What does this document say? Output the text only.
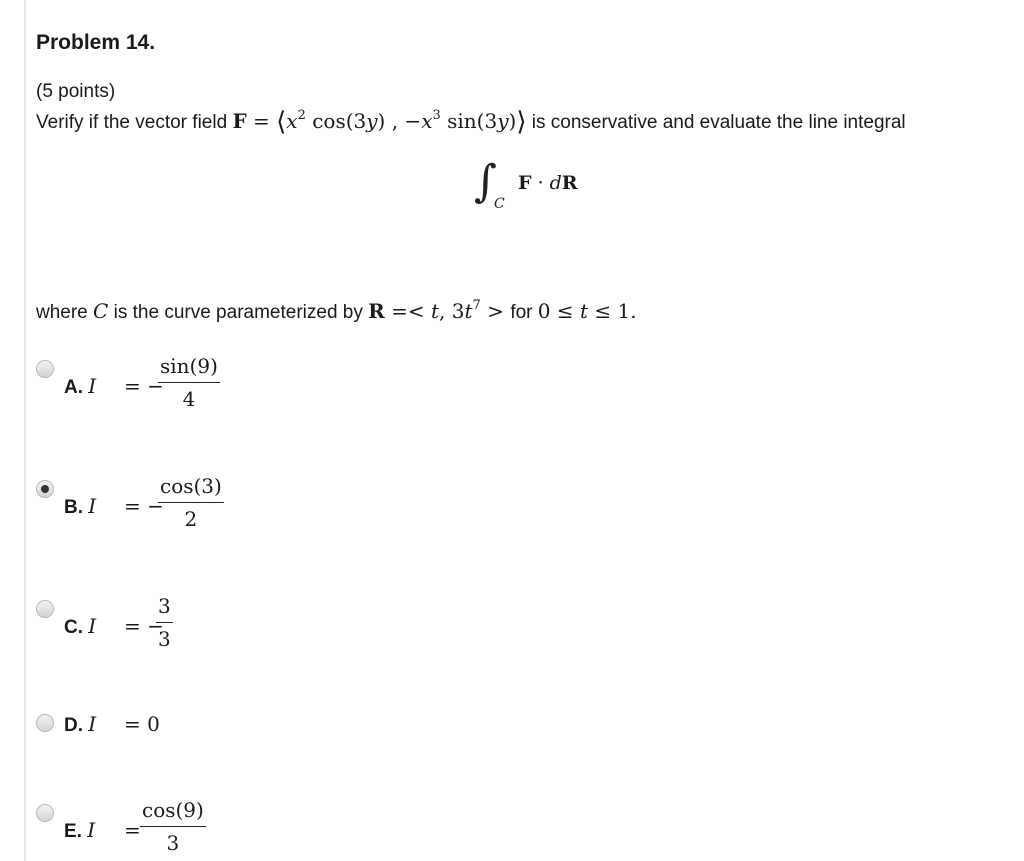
Problem 14.
(5 points)
Verify if the vector field $F = ⟨x^2$ cos(3y) , $-x^3$ sin(3y)⟩ is conservative and evaluate the line integral
∫
C
F · dR
where C is the curve parameterized by R =< t, $3t^7$ > for 0 ≤ t ≤ 1.
A. I = −
$\frac{\sin(9)}{4}$
B. I = −
$\frac{\cos(3)}{2}$
C. I = −
$\frac{3}{3}$
D. I = 0
E. $I = \frac{\cos(9)}{3}$
